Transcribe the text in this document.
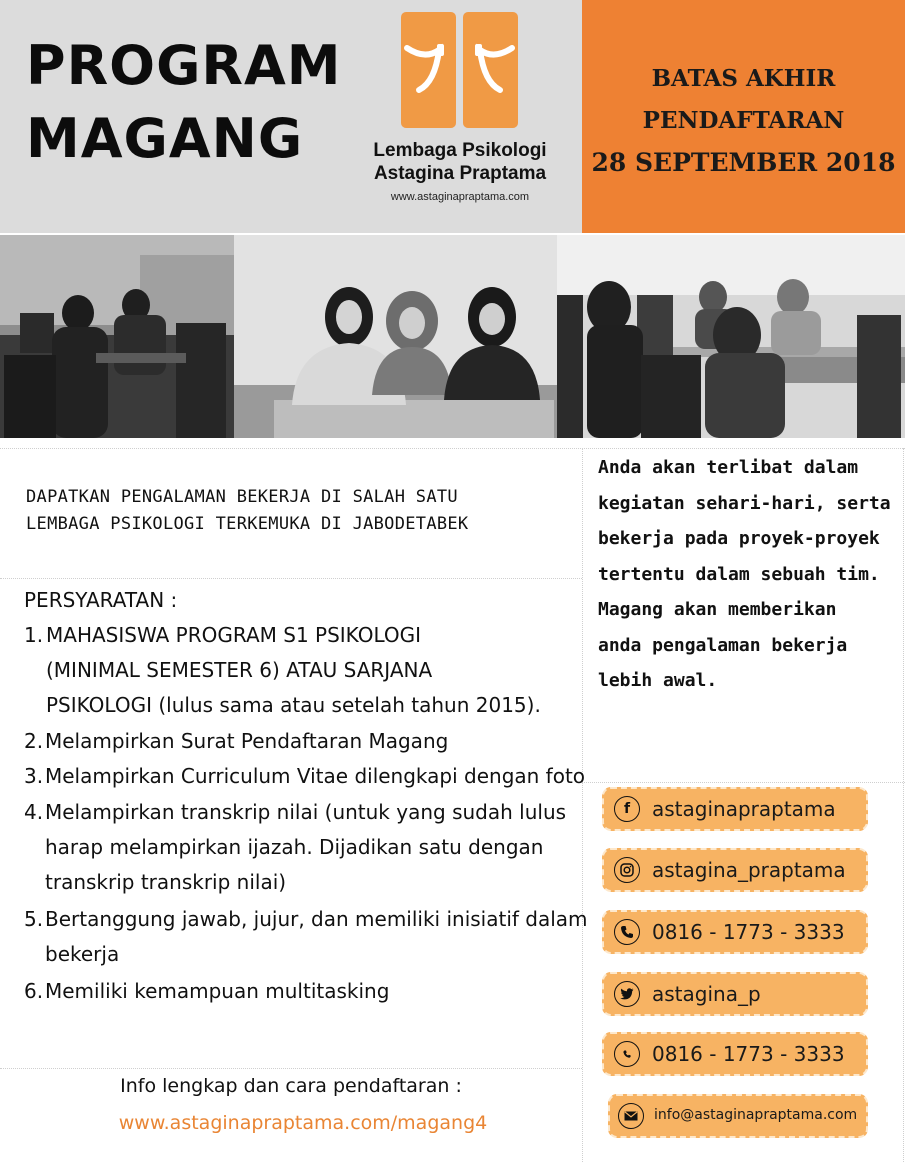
PROGRAM
MAGANG	Lembaga Psikologi
Astagina Praptama
www.astaginapraptama.com
BATAS AKHIR
PENDAFTARAN
28 SEPTEMBER 2018
DAPATKAN PENGALAMAN BEKERJA DI SALAH SATU
LEMBAGA PSIKOLOGI TERKEMUKA DI JABODETABEK
PERSYARATAN :
1. MAHASISWA PROGRAM S1 PSIKOLOGI
(MINIMAL SEMESTER 6) ATAU SARJANA
PSIKOLOGI (lulus sama atau setelah tahun 2015).
2. Melampirkan Surat Pendaftaran Magang
3. Melampirkan Curriculum Vitae dilengkapi dengan foto
4. Melampirkan transkrip nilai (untuk yang sudah lulus
harap melampirkan ijazah. Dijadikan satu dengan
transkrip transkrip nilai)
5. Bertanggung jawab, jujur, dan memiliki inisiatif dalam
bekerja
6. Memiliki kemampuan multitasking
Anda akan terlibat dalam
kegiatan sehari-hari, serta
bekerja pada proyek-proyek
tertentu dalam sebuah tim.
Magang akan memberikan
anda pengalaman bekerja
lebih awal.
f	astaginapraptama
astagina_praptama
0816 - 1773 - 3333
astagina_p
0816 - 1773 - 3333
info@astaginapraptama.com
Info lengkap dan cara pendaftaran :
www.astaginapraptama.com/magang4
